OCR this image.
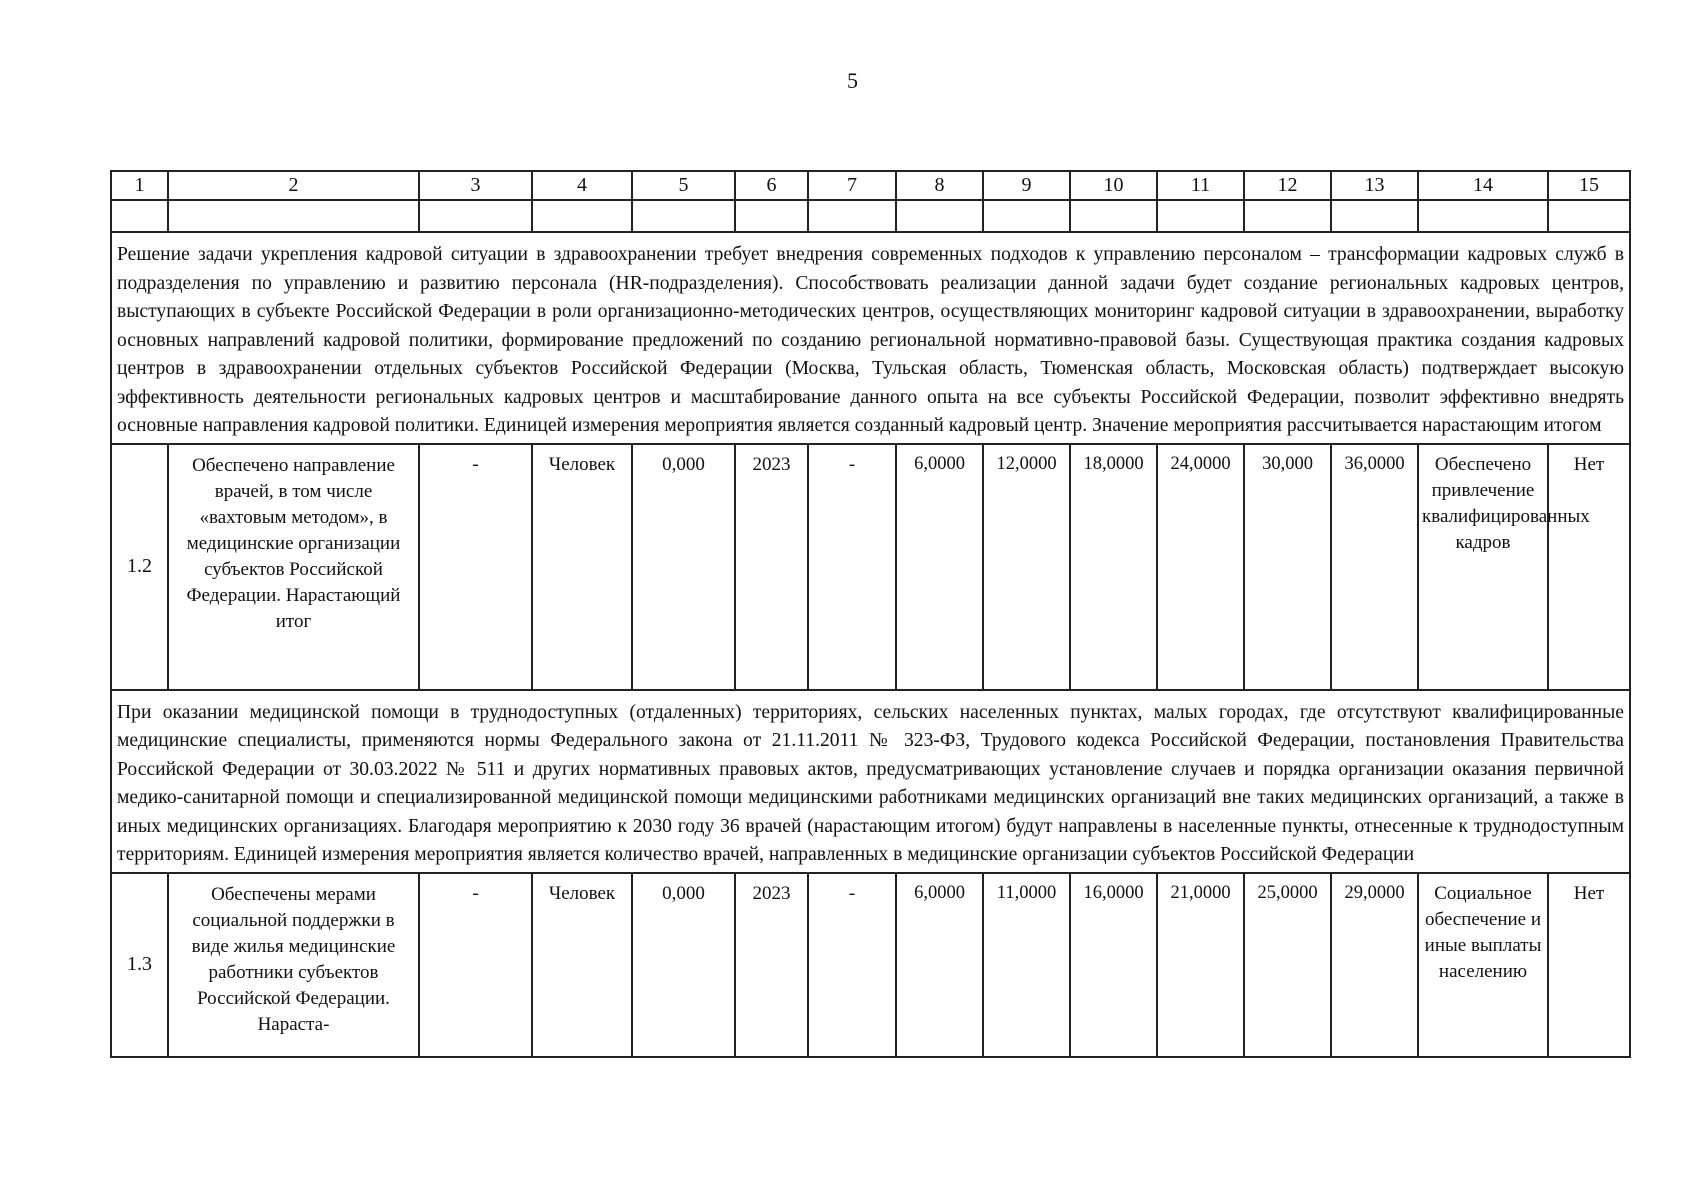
5
1	2	3	4	5	6	7	8	9	10	11	12	13	14	15

Решение задачи укрепления кадровой ситуации в здравоохранении требует внедрения современных подходов к управлению персоналом – трансформации кадровых служб в подразделения по управлению и развитию персонала (HR-подразделения). Способствовать реализации данной задачи будет создание региональных кадровых центров, выступающих в субъекте Российской Федерации в роли организационно-методических центров, осуществляющих мониторинг кадровой ситуации в здравоохранении, выработку основных направлений кадровой политики, формирование предложений по созданию региональной нормативно-правовой базы. Существующая практика создания кадровых центров в здравоохранении отдельных субъектов Российской Федерации (Москва, Тульская область, Тюменская область, Московская область) подтверждает высокую эффективность деятельности региональных кадровых центров и масштабирование данного опыта на все субъекты Российской Федерации, позволит эффективно внедрять основные направления кадровой политики. Единицей измерения мероприятия является созданный кадровый центр. Значение мероприятия рассчитывается нарастающим итогом														
1.2	Обеспечено направление врачей, в том числе «вахтовым методом», в медицинские организации субъектов Российской Федерации. Нарастающий итог	-	Человек	0,000	2023	-	6,0000	12,0000	18,0000	24,0000	30,000	36,0000	Обеспечено привлечение квалифицированных кадров	Нет
При оказании медицинской помощи в труднодоступных (отдаленных) территориях, сельских населенных пунктах, малых городах, где отсутствуют квалифицированные медицинские специалисты, применяются нормы Федерального закона от 21.11.2011 № 323-ФЗ, Трудового кодекса Российской Федерации, постановления Правительства Российской Федерации от 30.03.2022 № 511 и других нормативных правовых актов, предусматривающих установление случаев и порядка организации оказания первичной медико-санитарной помощи и специализированной медицинской помощи медицинскими работниками медицинских организаций вне таких медицинских организаций, а также в иных медицинских организациях. Благодаря мероприятию к 2030 году 36 врачей (нарастающим итогом) будут направлены в населенные пункты, отнесенные к труднодоступным территориям. Единицей измерения мероприятия является количество врачей, направленных в медицинские организации субъектов Российской Федерации														
1.3	Обеспечены мерами социальной поддержки в виде жилья медицинские работники субъектов Российской Федерации. Нараста-	-	Человек	0,000	2023	-	6,0000	11,0000	16,0000	21,0000	25,0000	29,0000	Социальное обеспечение и иные выплаты населению	Нет
